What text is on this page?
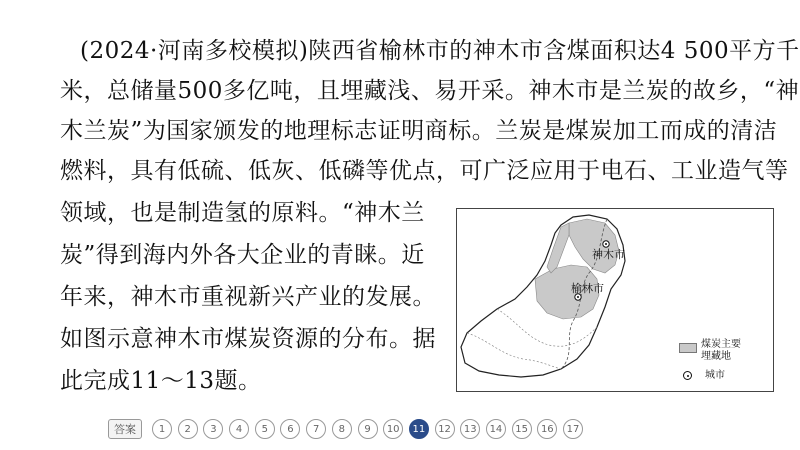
(2024·河南多校模拟)陕西省榆林市的神木市含煤面积达4 500平方千
米，总储量500多亿吨，且埋藏浅、易开采。神木市是兰炭的故乡，“神
木兰炭”为国家颁发的地理标志证明商标。兰炭是煤炭加工而成的清洁
燃料，具有低硫、低灰、低磷等优点，可广泛应用于电石、工业造气等
领域，也是制造氢的原料。“神木兰
炭”得到海内外各大企业的青睐。近
年来，神木市重视新兴产业的发展。
如图示意神木市煤炭资源的分布。据
此完成11～13题。
神木市
榆林市
煤炭主要
埋藏地
城市
答案	1	2	3	4	5	6	7	8	9	10	11	12	13	14	15	16	17
